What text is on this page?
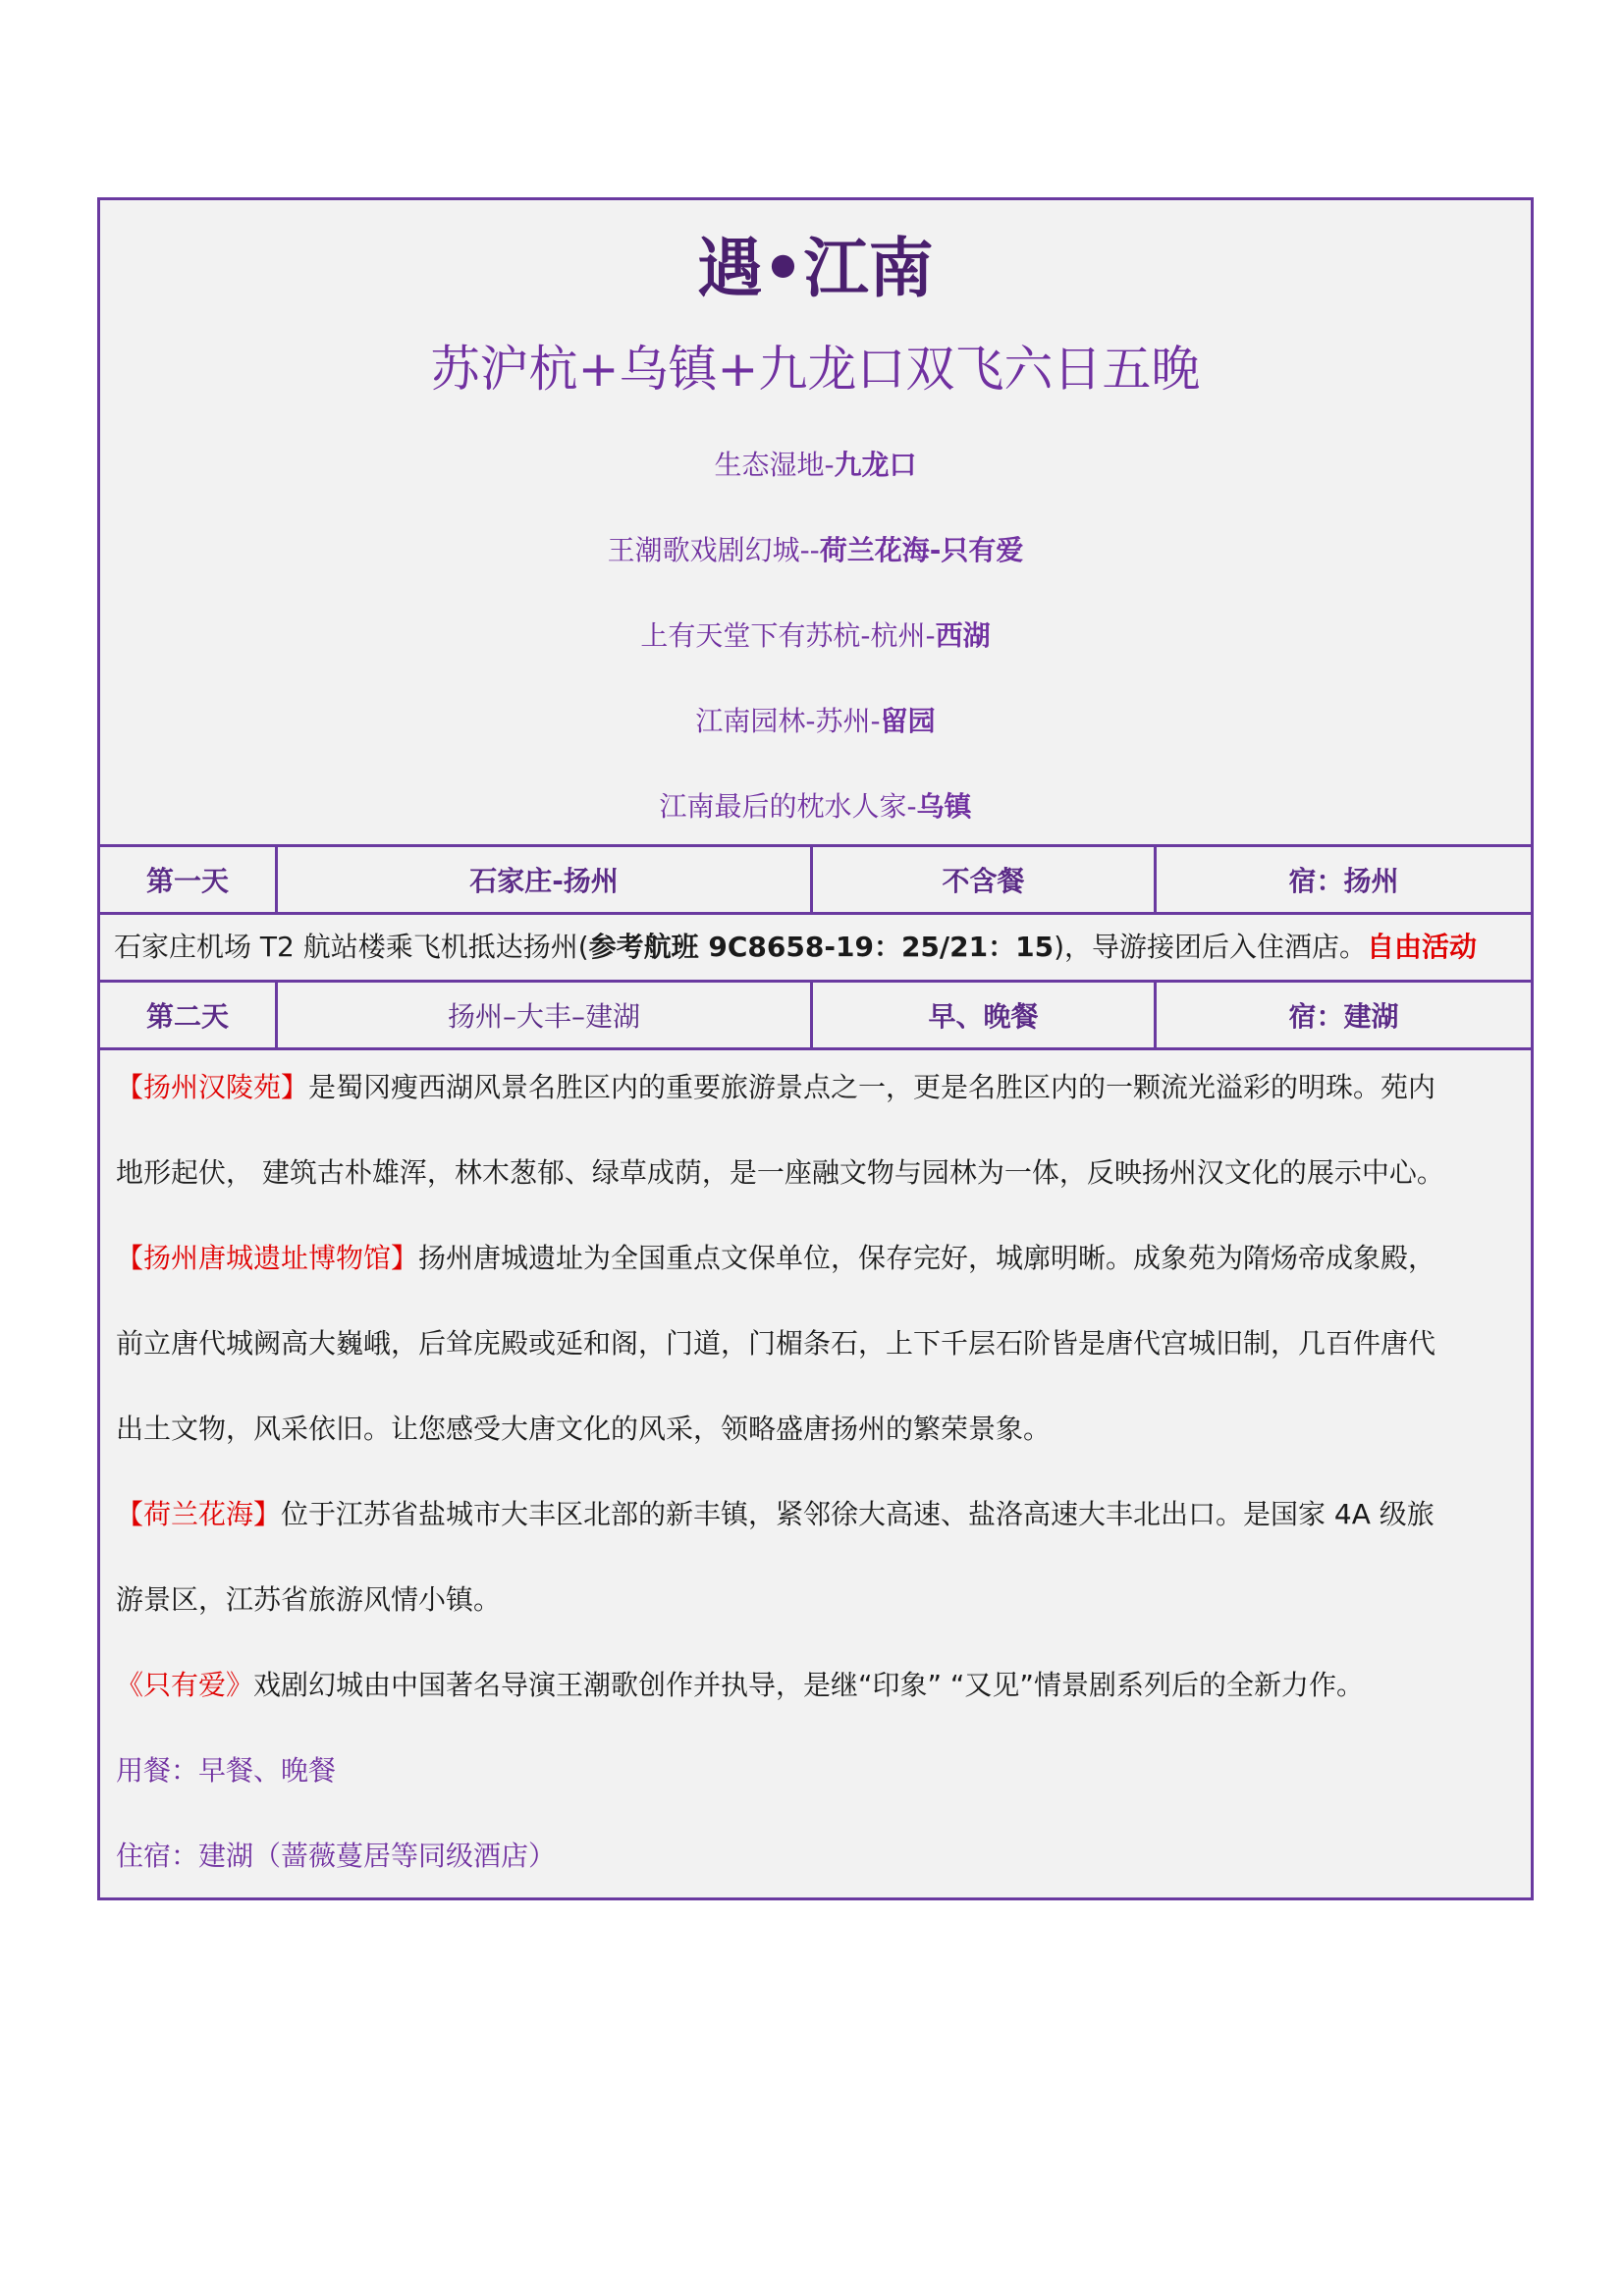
遇•江南
苏沪杭+乌镇+九龙口双飞六日五晚
生态湿地-九龙口
王潮歌戏剧幻城--荷兰花海-只有爱
上有天堂下有苏杭-杭州-西湖
江南园林-苏州-留园
江南最后的枕水人家-乌镇
第一天	石家庄-扬州	不含餐	宿：扬州
石家庄机场 T2 航站楼乘飞机抵达扬州(参考航班 9C8658-19：25/21：15)，导游接团后入住酒店。自由活动
第二天	扬州–大丰–建湖	早、晚餐	宿：建湖
【扬州汉陵苑】是蜀冈瘦西湖风景名胜区内的重要旅游景点之一，更是名胜区内的一颗流光溢彩的明珠。苑内
地形起伏， 建筑古朴雄浑，林木葱郁、绿草成荫，是一座融文物与园林为一体，反映扬州汉文化的展示中心。
【扬州唐城遗址博物馆】扬州唐城遗址为全国重点文保单位，保存完好，城廓明晰。成象苑为隋炀帝成象殿，
前立唐代城阙高大巍峨，后耸庑殿或延和阁，门道，门楣条石，上下千层石阶皆是唐代宫城旧制，几百件唐代
出土文物，风采依旧。让您感受大唐文化的风采，领略盛唐扬州的繁荣景象。
【荷兰花海】位于江苏省盐城市大丰区北部的新丰镇，紧邻徐大高速、盐洛高速大丰北出口。是国家 4A 级旅
游景区，江苏省旅游风情小镇。
《只有爱》戏剧幻城由中国著名导演王潮歌创作并执导，是继“印象” “又见”情景剧系列后的全新力作。
用餐：早餐、晚餐
住宿：建湖（蔷薇蔓居等同级酒店）
